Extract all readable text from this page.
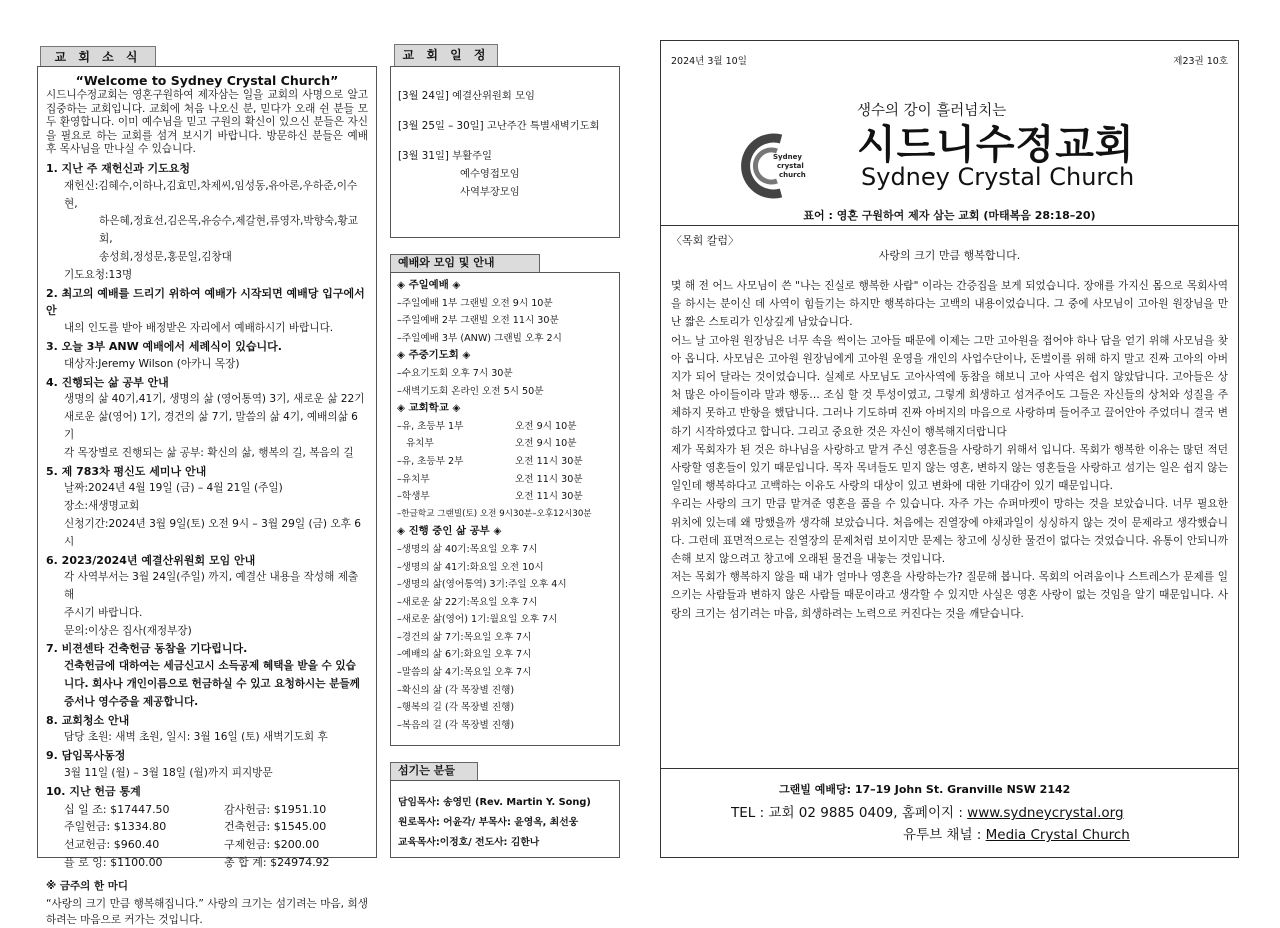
교 회 소 식
“Welcome to Sydney Crystal Church”
시드니수정교회는 영혼구원하여 제자삼는 일을 교회의 사명으로 알고 집중하는 교회입니다. 교회에 처음 나오신 분, 믿다가 오래 쉰 분들 모두 환영합니다. 이미 예수님을 믿고 구원의 확신이 있으신 분들은 자신을 필요로 하는 교회를 섬겨 보시기 바랍니다. 방문하신 분들은 예배 후 목사님을 만나실 수 있습니다.
1. 지난 주 재헌신과 기도요청
재헌신:김혜수,이하나,김효민,차제씨,임성동,유아론,우하준,이수현,
하은혜,정효선,김은목,유승수,제갈현,류영자,박향숙,황교회,
송성희,정성문,홍문일,김창대
기도요청:13명
2. 최고의 예배를 드리기 위하여 예배가 시작되면 예배당 입구에서 안
내의 인도를 받아 배정받은 자리에서 예배하시기 바랍니다.
3. 오늘 3부 ANW 예배에서 세례식이 있습니다.
대상자:Jeremy Wilson (아카니 목장)
4. 진행되는 삶 공부 안내
생명의 삶 40기,41기, 생명의 삶 (영어통역) 3기, 새로운 삶 22기
새로운 삶(영어) 1기, 경건의 삶 7기, 말씀의 삶 4기, 예배의삶 6기
각 목장별로 진행되는 삶 공부: 확신의 삶, 행복의 길, 복음의 길
5. 제 783차 평신도 세미나 안내
날짜:2024년 4월 19일 (금) – 4월 21일 (주일)
장소:새생명교회
신청기간:2024년 3월 9일(토) 오전 9시 – 3월 29일 (금) 오후 6시
6. 2023/2024년 예결산위원회 모임 안내
각 사역부서는 3월 24일(주일) 까지, 예결산 내용을 작성해 제출해
주시기 바랍니다.
문의:이상은 집사(재정부장)
7. 비젼센타 건축헌금 동참을 기다립니다.
건축헌금에 대하여는 세금신고시 소득공제 혜택을 받을 수 있습
니다. 회사나 개인이름으로 헌금하실 수 있고 요청하시는 분들께
증서나 영수증을 제공합니다.
8. 교회청소 안내
담당 초원: 새벽 초원, 일시: 3월 16일 (토) 새벽기도회 후
9. 담임목사동정
3월 11일 (월) – 3월 18일 (월)까지 피지방문
10. 지난 헌금 통계
십 일 조: $17447.50	감사헌금: $1951.10
주일헌금: $1334.80	건축헌금: $1545.00
선교헌금: $960.40	구제헌금: $200.00
플 로 잉: $1100.00	총 합 계: $24974.92
※ 금주의 한 마디
“사랑의 크기 만큼 행복해집니다.” 사랑의 크기는 섬기려는 마음, 희생하려는 마음으로 커가는 것입니다.
교 회 일 정
[3월 24일] 예결산위원회 모임
[3월 25일 – 30일] 고난주간 특별새벽기도회
[3월 31일] 부활주일
예수영접모임
사역부장모임
예배와 모임 및 안내
◈ 주일예배 ◈
–주일예배 1부 그랜빌 오전 9시 10분
–주일예배 2부 그랜빌 오전 11시 30분
–주일예배 3부 (ANW) 그랜빌 오후 2시
◈ 주중기도회 ◈
–수요기도회 오후 7시 30분
–새벽기도회 온라인 오전 5시 50분
◈ 교회학교 ◈
–유, 초등부 1부	오전 9시 10분
유치부	오전 9시 10분
–유, 초등부 2부	오전 11시 30분
–유치부	오전 11시 30분
–학생부	오전 11시 30분
–한글학교 그랜빌(토) 오전 9시30분–오후12시30분
◈ 진행 중인 삶 공부 ◈
–생명의 삶 40기:목요일 오후 7시
–생명의 삶 41기:화요일 오전 10시
–생명의 삶(영어통역) 3기:주일 오후 4시
–새로운 삶 22기:목요일 오후 7시
–새로운 삶(영어) 1기:월요일 오후 7시
–경건의 삶 7기:목요일 오후 7시
–예배의 삶 6기:화요일 오후 7시
–말씀의 삶 4기:목요일 오후 7시
–확신의 삶 (각 목장별 진행)
–행복의 길 (각 목장별 진행)
–복음의 길 (각 목장별 진행)
섬기는 분들
담임목사: 송영민 (Rev. Martin Y. Song)
원로목사: 어윤각/ 부목사: 윤영옥, 최선웅
교육목사:이정호/ 전도사: 김한나
2024년 3월 10일	제23권 10호
생수의 강이 흘러넘치는
Sydney
crystal
church
시드니수정교회
Sydney Crystal Church
표어 : 영혼 구원하여 제자 삼는 교회 (마태복음 28:18–20)
〈목회 칼럼〉
사랑의 크기 만큼 행복합니다.

몇 해 전 어느 사모님이 쓴 "나는 진실로 행복한 사람" 이라는 간증집을 보게 되었습니다. 장애를 가지신 몸으로 목회사역을 하시는 분이신 데 사역이 힘들기는 하지만 행복하다는 고백의 내용이었습니다. 그 중에 사모님이 고아원 원장님을 만난 짧은 스토리가 인상깊게 남았습니다.

어느 날 고아원 원장님은 너무 속을 썩이는 고아들 때문에 이제는 그만 고아원을 접어야 하나 답을 얻기 위해 사모님을 찾아 옵니다. 사모님은 고아원 원장님에게 고아원 운영을 개인의 사업수단이나, 돈벌이를 위해 하지 말고 진짜 고아의 아버지가 되어 달라는 것이었습니다. 실제로 사모님도 고아사역에 동참을 해보니 고아 사역은 쉽지 않았답니다. 고아들은 상처 많은 아이들이라 말과 행동… 조심 할 것 투성이였고, 그렇게 희생하고 섬겨주어도 그들은 자신들의 상처와 성질을 주체하지 못하고 반항을 했답니다. 그러나 기도하며 진짜 아버지의 마음으로 사랑하며 들어주고 끌어안아 주었더니 결국 변하기 시작하였다고 합니다. 그리고 중요한 것은 자신이 행복해지더랍니다

제가 목회자가 된 것은 하나님을 사랑하고 맡겨 주신 영혼들을 사랑하기 위해서 입니다. 목회가 행복한 이유는 많던 적던 사랑할 영혼들이 있기 때문입니다. 목자 목녀들도 믿지 않는 영혼, 변하지 않는 영혼들을 사랑하고 섬기는 일은 쉽지 않는 일인데 행복하다고 고백하는 이유도 사랑의 대상이 있고 변화에 대한 기대감이 있기 때문입니다.

우리는 사랑의 크기 만큼 맡겨준 영혼을 품을 수 있습니다. 자주 가는 슈퍼마켓이 망하는 것을 보았습니다. 너무 필요한 위치에 있는데 왜 망했을까 생각해 보았습니다. 처음에는 진열장에 야채과일이 싱싱하지 않는 것이 문제라고 생각했습니다. 그런데 표면적으로는 진열장의 문제처럼 보이지만 문제는 창고에 싱싱한 물건이 없다는 것었습니다. 유통이 안되니까 손해 보지 않으려고 창고에 오래된 물건을 내놓는 것입니다.

저는 목회가 행복하지 않을 때 내가 얼마나 영혼을 사랑하는가? 질문해 봅니다. 목회의 어려움이나 스트레스가 문제를 일으키는 사람들과 변하지 않은 사람들 때문이라고 생각할 수 있지만 사실은 영혼 사랑이 없는 것임을 알기 때문입니다. 사랑의 크기는 섬기려는 마음, 희생하려는 노력으로 커진다는 것을 깨닫습니다.

그랜빌 예배당: 17–19 John St. Granville NSW 2142
TEL : 교회 02 9885 0409, 홈페이지 : www.sydneycrystal.org
유투브 채널 : Media Crystal Church
